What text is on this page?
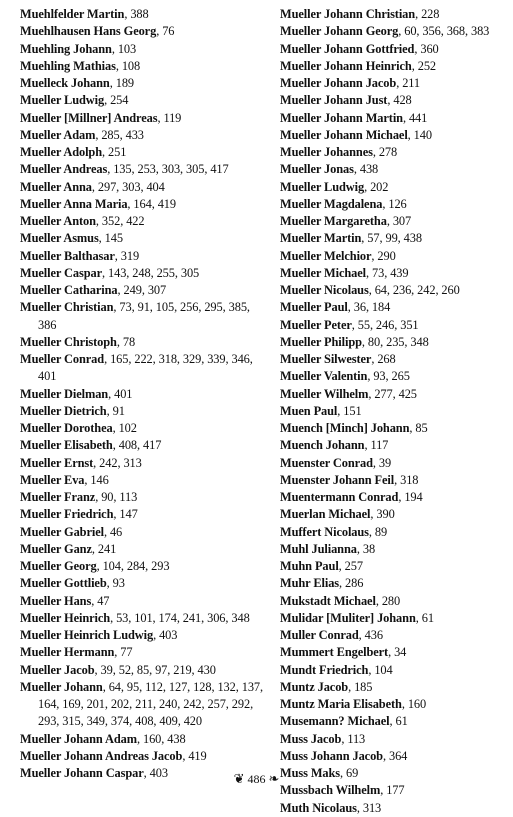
Muehlfelder Martin, 388
Muehlhausen Hans Georg, 76
Muehling Johann, 103
Muehling Mathias, 108
Muelleck Johann, 189
Mueller Ludwig, 254
Mueller [Millner] Andreas, 119
Mueller Adam, 285, 433
Mueller Adolph, 251
Mueller Andreas, 135, 253, 303, 305, 417
Mueller Anna, 297, 303, 404
Mueller Anna Maria, 164, 419
Mueller Anton, 352, 422
Mueller Asmus, 145
Mueller Balthasar, 319
Mueller Caspar, 143, 248, 255, 305
Mueller Catharina, 249, 307
Mueller Christian, 73, 91, 105, 256, 295, 385, 386
Mueller Christoph, 78
Mueller Conrad, 165, 222, 318, 329, 339, 346, 401
Mueller Dielman, 401
Mueller Dietrich, 91
Mueller Dorothea, 102
Mueller Elisabeth, 408, 417
Mueller Ernst, 242, 313
Mueller Eva, 146
Mueller Franz, 90, 113
Mueller Friedrich, 147
Mueller Gabriel, 46
Mueller Ganz, 241
Mueller Georg, 104, 284, 293
Mueller Gottlieb, 93
Mueller Hans, 47
Mueller Heinrich, 53, 101, 174, 241, 306, 348
Mueller Heinrich Ludwig, 403
Mueller Hermann, 77
Mueller Jacob, 39, 52, 85, 97, 219, 430
Mueller Johann, 64, 95, 112, 127, 128, 132, 137, 164, 169, 201, 202, 211, 240, 242, 257, 292, 293, 315, 349, 374, 408, 409, 420
Mueller Johann Adam, 160, 438
Mueller Johann Andreas Jacob, 419
Mueller Johann Caspar, 403
Mueller Johann Christian, 228
Mueller Johann Georg, 60, 356, 368, 383
Mueller Johann Gottfried, 360
Mueller Johann Heinrich, 252
Mueller Johann Jacob, 211
Mueller Johann Just, 428
Mueller Johann Martin, 441
Mueller Johann Michael, 140
Mueller Johannes, 278
Mueller Jonas, 438
Mueller Ludwig, 202
Mueller Magdalena, 126
Mueller Margaretha, 307
Mueller Martin, 57, 99, 438
Mueller Melchior, 290
Mueller Michael, 73, 439
Mueller Nicolaus, 64, 236, 242, 260
Mueller Paul, 36, 184
Mueller Peter, 55, 246, 351
Mueller Philipp, 80, 235, 348
Mueller Silwester, 268
Mueller Valentin, 93, 265
Mueller Wilhelm, 277, 425
Muen Paul, 151
Muench [Minch] Johann, 85
Muench Johann, 117
Muenster Conrad, 39
Muenster Johann Feil, 318
Muentermann Conrad, 194
Muerlan Michael, 390
Muffert Nicolaus, 89
Muhl Julianna, 38
Muhn Paul, 257
Muhr Elias, 286
Mukstadt Michael, 280
Mulidar [Muliter] Johann, 61
Muller Conrad, 436
Mummert Engelbert, 34
Mundt Friedrich, 104
Muntz Jacob, 185
Muntz Maria Elisabeth, 160
Musemann? Michael, 61
Muss Jacob, 113
Muss Johann Jacob, 364
Muss Maks, 69
Mussbach Wilhelm, 177
Muth Nicolaus, 313
❦ 486 ❧
